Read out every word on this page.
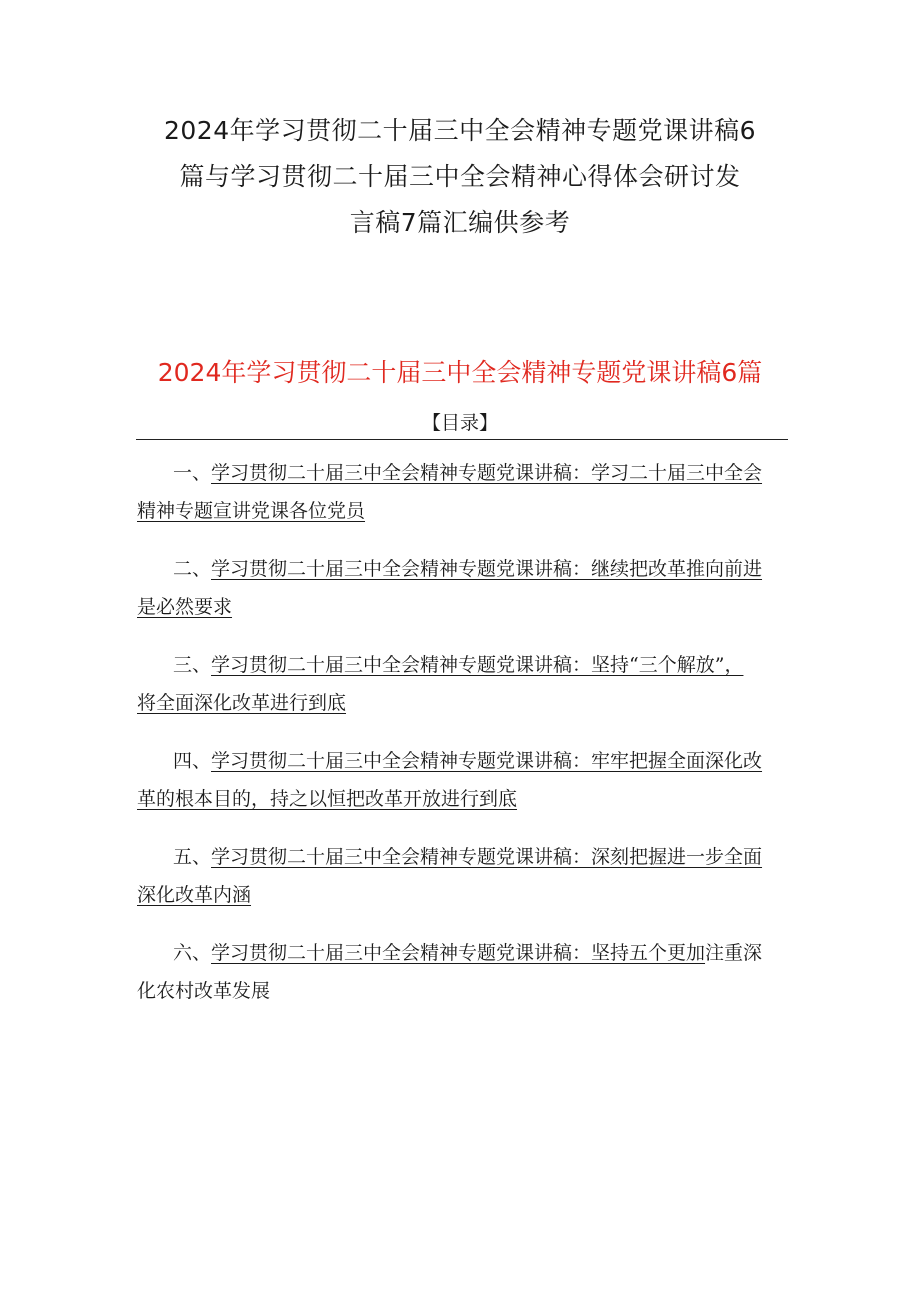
2024年学习贯彻二十届三中全会精神专题党课讲稿6
篇与学习贯彻二十届三中全会精神心得体会研讨发
言稿7篇汇编供参考
2024年学习贯彻二十届三中全会精神专题党课讲稿6篇
【目录】
一、学习贯彻二十届三中全会精神专题党课讲稿：学习二十届三中全会
精神专题宣讲党课各位党员
二、学习贯彻二十届三中全会精神专题党课讲稿：继续把改革推向前进
是必然要求
三、学习贯彻二十届三中全会精神专题党课讲稿：坚持“三个解放”，
将全面深化改革进行到底
四、学习贯彻二十届三中全会精神专题党课讲稿：牢牢把握全面深化改
革的根本目的，持之以恒把改革开放进行到底
五、学习贯彻二十届三中全会精神专题党课讲稿：深刻把握进一步全面
深化改革内涵
六、学习贯彻二十届三中全会精神专题党课讲稿：坚持五个更加注重深
化农村改革发展
